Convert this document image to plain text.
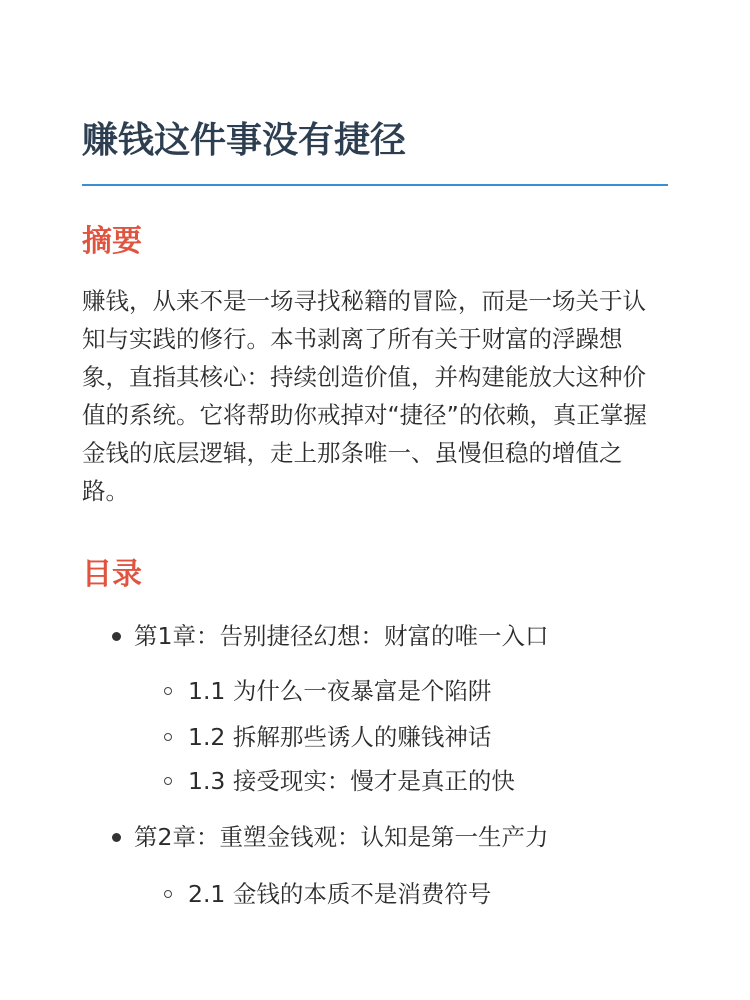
赚钱这件事没有捷径
摘要

赚钱，从来不是一场寻找秘籍的冒险，而是一场关于认知与实践的修行。本书剥离了所有关于财富的浮躁想象，直指其核心：持续创造价值，并构建能放大这种价值的系统。它将帮助你戒掉对“捷径”的依赖，真正掌握金钱的底层逻辑，走上那条唯一、虽慢但稳的增值之路。

目录
第1章：告别捷径幻想：财富的唯一入口
1.1 为什么一夜暴富是个陷阱
1.2 拆解那些诱人的赚钱神话
1.3 接受现实：慢才是真正的快
第2章：重塑金钱观：认知是第一生产力
2.1 金钱的本质不是消费符号
